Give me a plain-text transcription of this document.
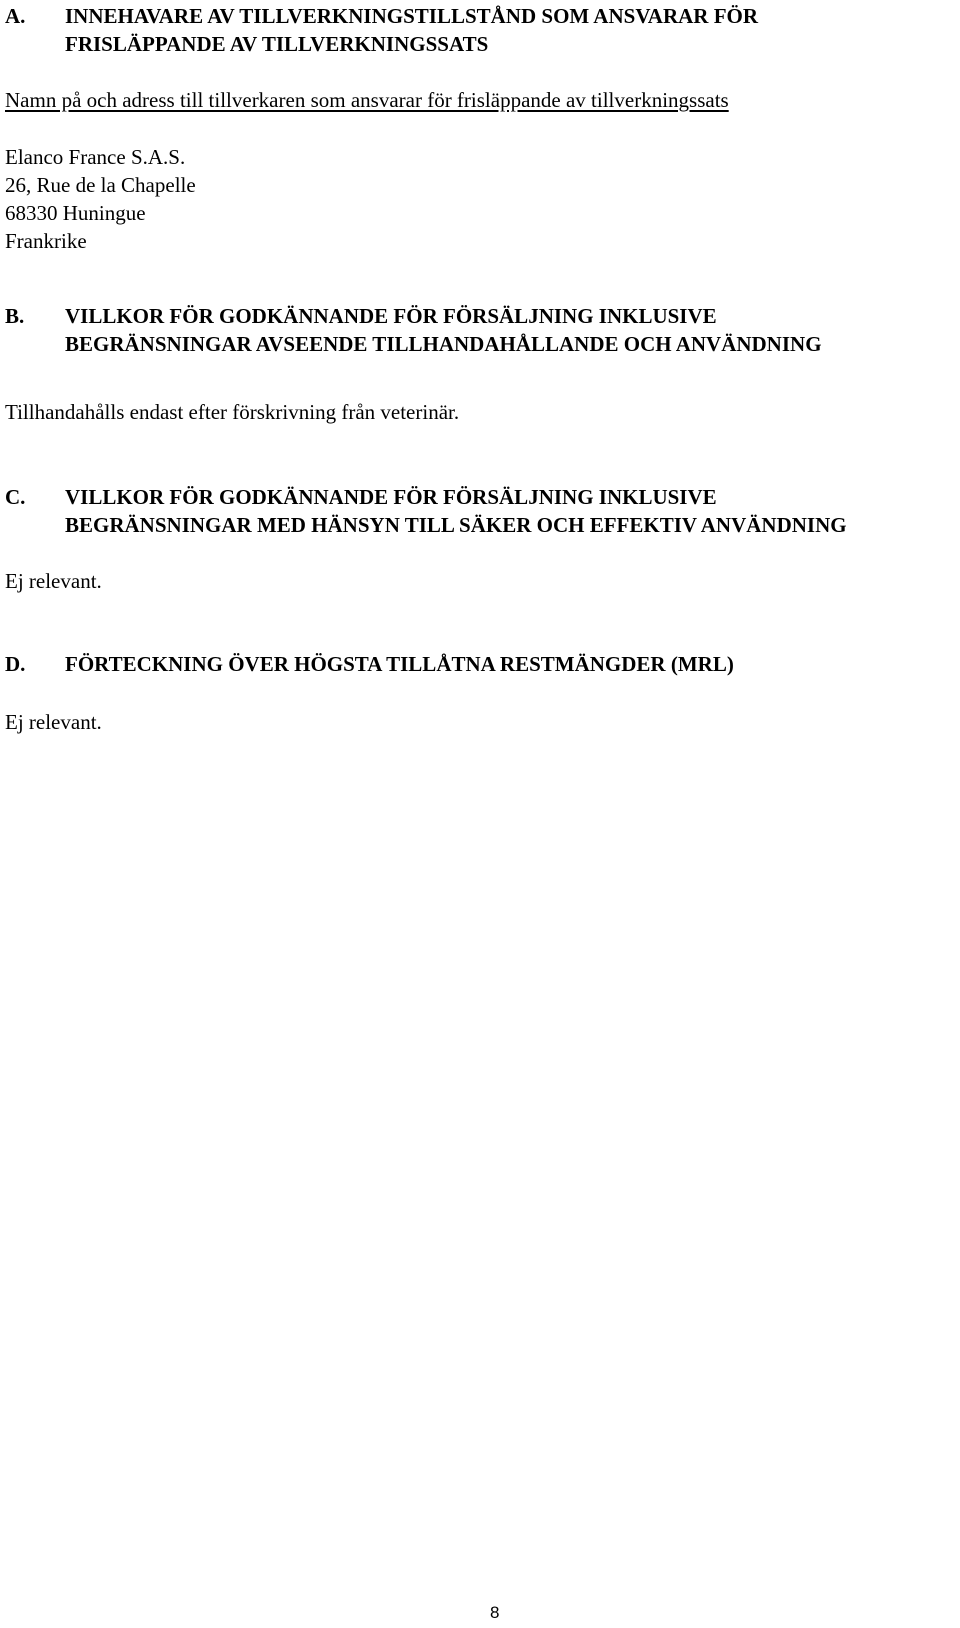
A.	INNEHAVARE AV TILLVERKNINGSTILLSTÅND SOM ANSVARAR FÖR
FRISLÄPPANDE AV TILLVERKNINGSSATS
Namn på och adress till tillverkaren som ansvarar för frisläppande av tillverkningssats
Elanco France S.A.S.
26, Rue de la Chapelle
68330 Huningue
Frankrike
B.	VILLKOR FÖR GODKÄNNANDE FÖR FÖRSÄLJNING INKLUSIVE
BEGRÄNSNINGAR AVSEENDE TILLHANDAHÅLLANDE OCH ANVÄNDNING
Tillhandahålls endast efter förskrivning från veterinär.
C.	VILLKOR FÖR GODKÄNNANDE FÖR FÖRSÄLJNING INKLUSIVE
BEGRÄNSNINGAR MED HÄNSYN TILL SÄKER OCH EFFEKTIV ANVÄNDNING
Ej relevant.
D.	FÖRTECKNING ÖVER HÖGSTA TILLÅTNA RESTMÄNGDER (MRL)
Ej relevant.
8
